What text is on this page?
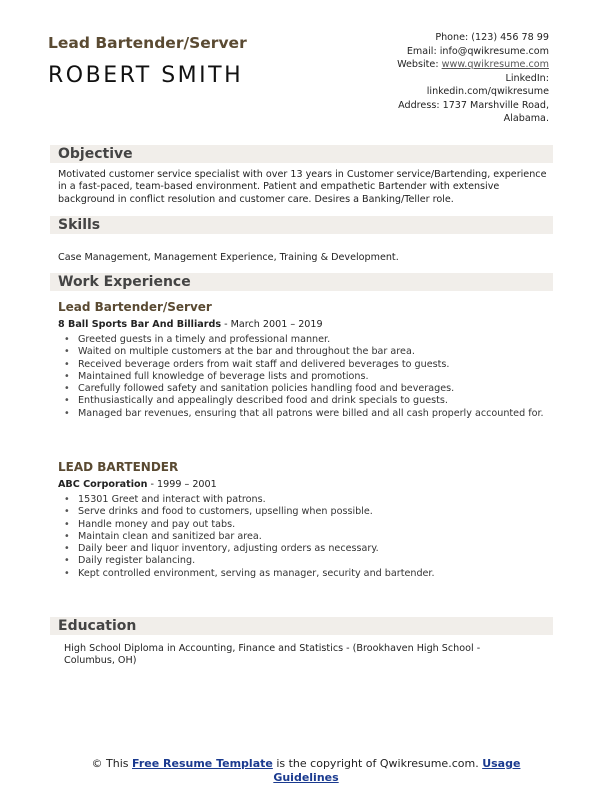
Lead Bartender/Server
ROBERT SMITH
Phone: (123) 456 78 99
Email: info@qwikresume.com
Website: www.qwikresume.com
LinkedIn:
linkedin.com/qwikresume
Address: 1737 Marshville Road,
Alabama.
Objective
Motivated customer service specialist with over 13 years in Customer service/Bartending, experience in a fast-paced, team-based environment. Patient and empathetic Bartender with extensive background in conflict resolution and customer care. Desires a Banking/Teller role.
Skills
Case Management, Management Experience, Training & Development.
Work Experience
Lead Bartender/Server
8 Ball Sports Bar And Billiards - March 2001 – 2019
• Greeted guests in a timely and professional manner.
• Waited on multiple customers at the bar and throughout the bar area.
• Received beverage orders from wait staff and delivered beverages to guests.
• Maintained full knowledge of beverage lists and promotions.
• Carefully followed safety and sanitation policies handling food and beverages.
• Enthusiastically and appealingly described food and drink specials to guests.
• Managed bar revenues, ensuring that all patrons were billed and all cash properly accounted for.
LEAD BARTENDER
ABC Corporation - 1999 – 2001
• 15301 Greet and interact with patrons.
• Serve drinks and food to customers, upselling when possible.
• Handle money and pay out tabs.
• Maintain clean and sanitized bar area.
• Daily beer and liquor inventory, adjusting orders as necessary.
• Daily register balancing.
• Kept controlled environment, serving as manager, security and bartender.
Education
High School Diploma in Accounting, Finance and Statistics - (Brookhaven High School - Columbus, OH)
© This Free Resume Template is the copyright of Qwikresume.com. Usage Guidelines
